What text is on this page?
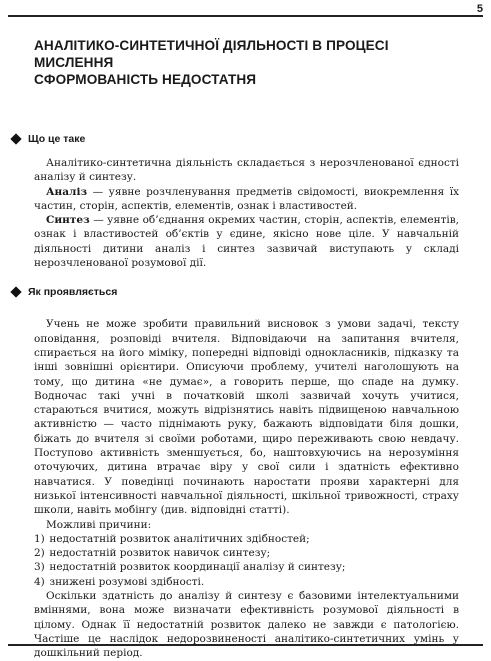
5
АНАЛІТИКО-СИНТЕТИЧНОЇ ДІЯЛЬНОСТІ В ПРОЦЕСІ МИСЛЕННЯ
СФОРМОВАНІСТЬ НЕДОСТАТНЯ
Що це таке

Аналітико-синтетична діяльність складається з нерозчленованої єдності аналізу й синтезу.

Аналіз — уявне розчленування предметів свідомості, виокремлення їх частин, сторін, аспектів, елементів, ознак і властивостей.

Синтез — уявне об’єднання окремих частин, сторін, аспектів, елементів, ознак і властивостей об’єктів у єдине, якісно нове ціле. У навчальній діяльності дитини аналіз і синтез зазвичай виступають у складі нерозчленованої розумової дії.

Як проявляється

Учень не може зробити правильний висновок з умови задачі, тексту оповідання, розповіді вчителя. Відповідаючи на запитання вчителя, спирається на його міміку, попередні відповіді однокласників, підказку та інші зовнішні орієнтири. Описуючи проблему, учителі наголошують на тому, що дитина «не думає», а говорить перше, що спаде на думку. Водночас такі учні в початковій школі зазвичай хочуть учитися, стараються вчитися, можуть відрізнятись навіть підвищеною навчальною активністю — часто піднімають руку, бажають відповідати біля дошки, біжать до вчителя зі своїми роботами, щиро переживають свою невдачу. Поступово активність зменшується, бо, наштовхуючись на нерозуміння оточуючих, дитина втрачає віру у свої сили і здатність ефективно навчатися. У поведінці починають наростати прояви характерні для низької інтенсивності навчальної діяльності, шкільної тривожності, страху школи, навіть мобінгу (див. відповідні статті).

Можливі причини:

1) недостатній розвиток аналітичних здібностей;
2) недостатній розвиток навичок синтезу;
3) недостатній розвиток координації аналізу й синтезу;
4) знижені розумові здібності.

Оскільки здатність до аналізу й синтезу є базовими інтелектуальними вміннями, вона може визначати ефективність розумової діяльності в цілому. Однак її недостатній розвиток далеко не завжди є патологією. Частіше це наслідок недорозвиненості аналітико-синтетичних умінь у дошкільний період.
